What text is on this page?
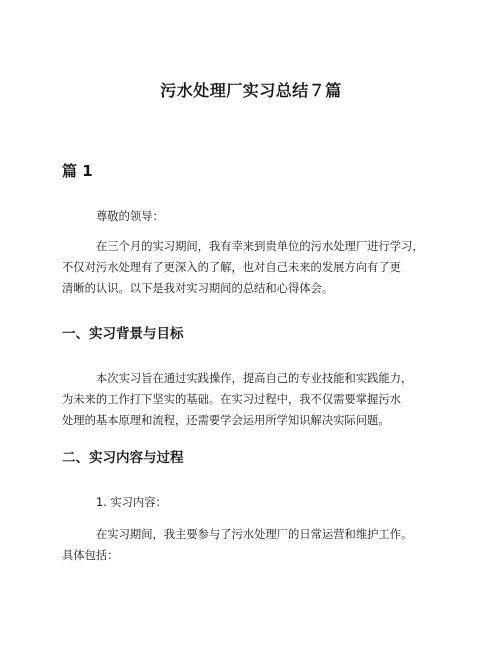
污水处理厂实习总结７篇
篇 1
尊敬的领导：
在三个月的实习期间，我有幸来到贵单位的污水处理厂进行学习，
不仅对污水处理有了更深入的了解，也对自己未来的发展方向有了更
清晰的认识。以下是我对实习期间的总结和心得体会。
一、实习背景与目标
本次实习旨在通过实践操作，提高自己的专业技能和实践能力，
为未来的工作打下坚实的基础。在实习过程中，我不仅需要掌握污水
处理的基本原理和流程，还需要学会运用所学知识解决实际问题。
二、实习内容与过程
1. 实习内容：
在实习期间，我主要参与了污水处理厂的日常运营和维护工作。
具体包括：
